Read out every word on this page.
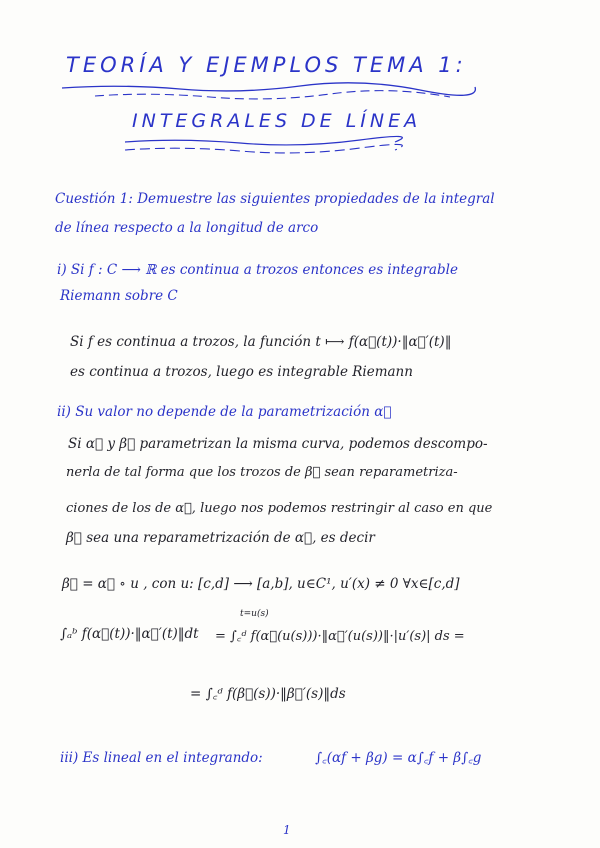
TEORÍA Y EJEMPLOS TEMA 1:
INTEGRALES DE LÍNEA
Cuestión 1: Demuestre las siguientes propiedades de la integral
de línea respecto a la longitud de arco
i) Si f : C ⟶ ℝ es continua a trozos entonces es integrable
Riemann sobre C
Si f es continua a trozos, la función t ⟼ f(α⃗(t))·‖α⃗′(t)‖
es continua a trozos, luego es integrable Riemann
ii) Su valor no depende de la parametrización α⃗
Si α⃗ y β⃗ parametrizan la misma curva, podemos descompo-
nerla de tal forma que los trozos de β⃗ sean reparametriza-
ciones de los de α⃗, luego nos podemos restringir al caso en que
β⃗ sea una reparametrización de α⃗, es decir
β⃗ = α⃗ ∘ u , con u: [c,d] ⟶ [a,b], u∈C¹, u′(x) ≠ 0 ∀x∈[c,d]
∫ₐᵇ f(α⃗(t))·‖α⃗′(t)‖dt
t=u(s)
= ∫꜀ᵈ f(α⃗(u(s)))·‖α⃗′(u(s))‖·|u′(s)| ds =
= ∫꜀ᵈ f(β⃗(s))·‖β⃗′(s)‖ds
iii) Es lineal en el integrando:	∫꜀(αf + βg) = α∫꜀f + β∫꜀g
1
